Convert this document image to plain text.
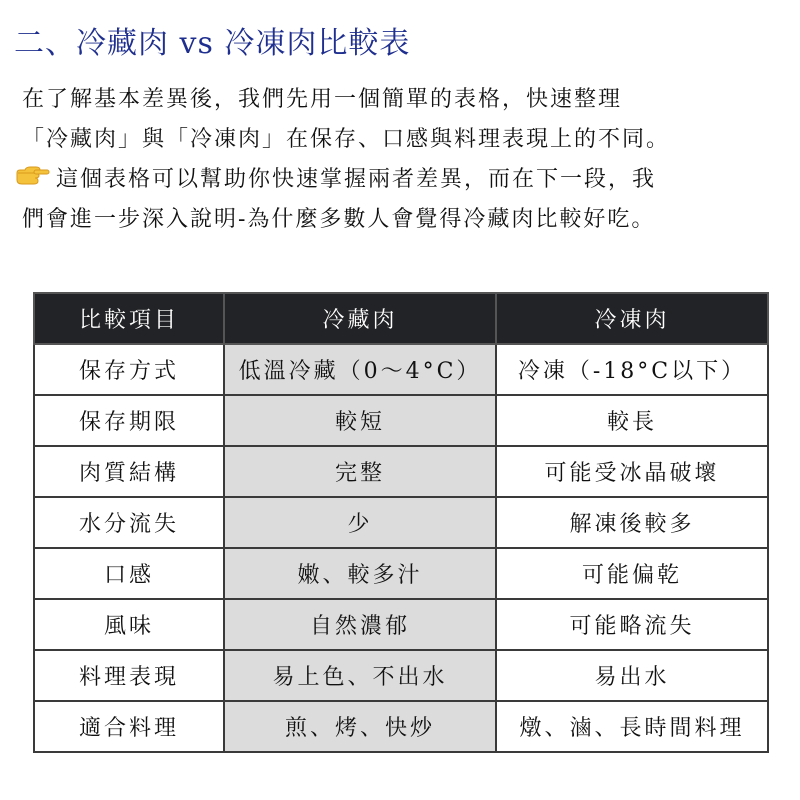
二、冷藏肉 vs 冷凍肉比較表
在了解基本差異後，我們先用一個簡單的表格，快速整理
「冷藏肉」與「冷凍肉」在保存、口感與料理表現上的不同。
這個表格可以幫助你快速掌握兩者差異，而在下一段，我
們會進一步深入說明-為什麼多數人會覺得冷藏肉比較好吃。
比較項目	冷藏肉	冷凍肉
保存方式	低溫冷藏（0〜4°C）	冷凍（-18°C以下）
保存期限	較短	較長
肉質結構	完整	可能受冰晶破壞
水分流失	少	解凍後較多
口感	嫩、較多汁	可能偏乾
風味	自然濃郁	可能略流失
料理表現	易上色、不出水	易出水
適合料理	煎、烤、快炒	燉、滷、長時間料理
